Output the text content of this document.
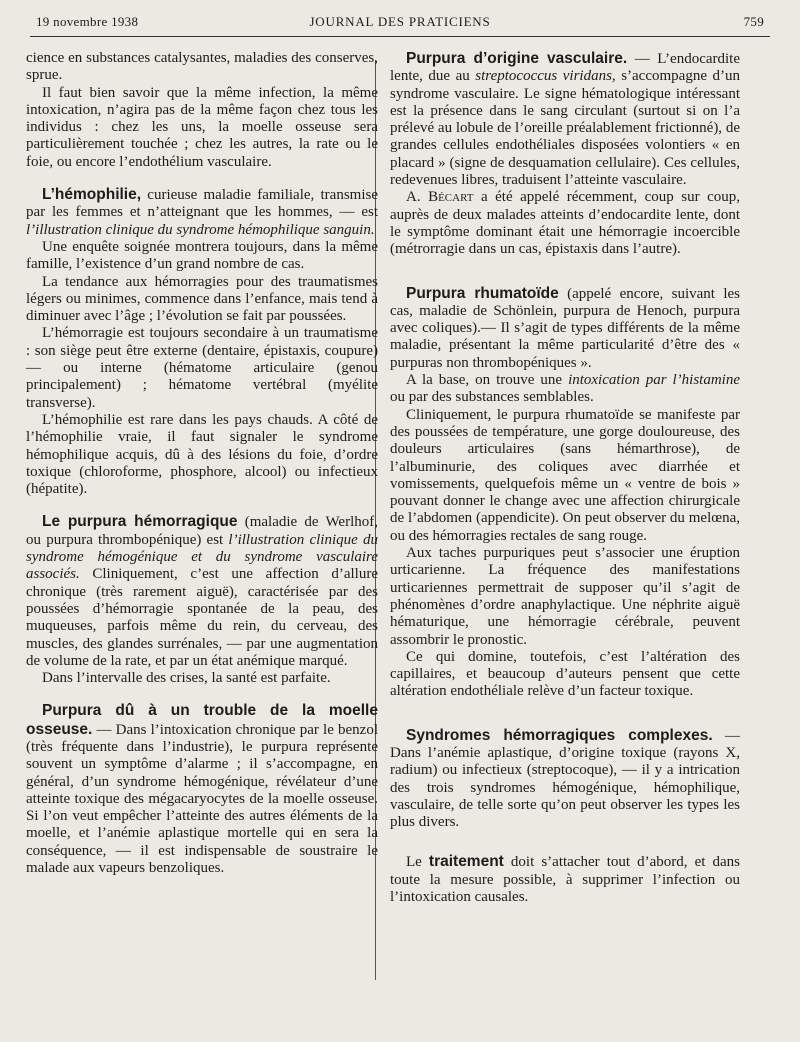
19 novembre 1938	JOURNAL DES PRATICIENS	759

cience en substances catalysantes, maladies des conserves, sprue.

Il faut bien savoir que la même infection, la même intoxication, n’agira pas de la même façon chez tous les individus : chez les uns, la moelle osseuse sera particulièrement touchée ; chez les autres, la rate ou le foie, ou encore l’endothélium vasculaire.

L’hémophilie, curieuse maladie familiale, transmise par les femmes et n’atteignant que les hommes, — est l’illustration clinique du syndrome hémophilique sanguin.

Une enquête soignée montrera toujours, dans la même famille, l’existence d’un grand nombre de cas.

La tendance aux hémorragies pour des traumatismes légers ou minimes, commence dans l’enfance, mais tend à diminuer avec l’âge ; l’évolution se fait par poussées.

L’hémorragie est toujours secondaire à un traumatisme : son siège peut être externe (dentaire, épistaxis, coupure) — ou interne (hématome articulaire (genou principalement) ; hématome vertébral (myélite transverse).

L’hémophilie est rare dans les pays chauds. A côté de l’hémophilie vraie, il faut signaler le syndrome hémophilique acquis, dû à des lésions du foie, d’ordre toxique (chloroforme, phosphore, alcool) ou infectieux (hépatite).

Le purpura hémorragique (maladie de Werlhof, ou purpura thrombopénique) est l’illustration clinique du syndrome hémogénique et du syndrome vasculaire associés. Cliniquement, c’est une affection d’allure chronique (très rarement aiguë), caractérisée par des poussées d’hémorragie spontanée de la peau, des muqueuses, parfois même du rein, du cerveau, des muscles, des glandes surrénales, — par une augmentation de volume de la rate, et par un état anémique marqué.

Dans l’intervalle des crises, la santé est parfaite.

Purpura dû à un trouble de la moelle osseuse. — Dans l’intoxication chronique par le benzol (très fréquente dans l’industrie), le purpura représente souvent un symptôme d’alarme ; il s’accompagne, en général, d’un syndrome hémogénique, révélateur d’une atteinte toxique des mégacaryocytes de la moelle osseuse. Si l’on veut empêcher l’atteinte des autres éléments de la moelle, et l’anémie aplastique mortelle qui en sera la conséquence, — il est indispensable de soustraire le malade aux vapeurs benzoliques.

Purpura d’origine vasculaire. — L’endocardite lente, due au streptococcus viridans, s’accompagne d’un syndrome vasculaire. Le signe hématologique intéressant est la présence dans le sang circulant (surtout si on l’a prélevé au lobule de l’oreille préalablement frictionné), de grandes cellules endothéliales disposées volontiers « en placard » (signe de desquamation cellulaire). Ces cellules, redevenues libres, traduisent l’atteinte vasculaire.

A. Bécart a été appelé récemment, coup sur coup, auprès de deux malades atteints d’endocardite lente, dont le symptôme dominant était une hémorragie incoercible (métrorragie dans un cas, épistaxis dans l’autre).

Purpura rhumatoïde (appelé encore, suivant les cas, maladie de Schönlein, purpura de Henoch, purpura avec coliques).— Il s’agit de types différents de la même maladie, présentant la même particularité d’être des « purpuras non thrombopéniques ».

A la base, on trouve une intoxication par l’histamine ou par des substances semblables.

Cliniquement, le purpura rhumatoïde se manifeste par des poussées de température, une gorge douloureuse, des douleurs articulaires (sans hémarthrose), de l’albuminurie, des coliques avec diarrhée et vomissements, quelquefois même un « ventre de bois » pouvant donner le change avec une affection chirurgicale de l’abdomen (appendicite). On peut observer du melœna, ou des hémorragies rectales de sang rouge.

Aux taches purpuriques peut s’associer une éruption urticarienne. La fréquence des manifestations urticariennes permettrait de supposer qu’il s’agit de phénomènes d’ordre anaphylactique. Une néphrite aiguë hématurique, une hémorragie cérébrale, peuvent assombrir le pronostic.

Ce qui domine, toutefois, c’est l’altération des capillaires, et beaucoup d’auteurs pensent que cette altération endothéliale relève d’un facteur toxique.

Syndromes hémorragiques complexes. — Dans l’anémie aplastique, d’origine toxique (rayons X, radium) ou infectieux (streptocoque), — il y a intrication des trois syndromes hémogénique, hémophilique, vasculaire, de telle sorte qu’on peut observer les types les plus divers.

Le traitement doit s’attacher tout d’abord, et dans toute la mesure possible, à supprimer l’infection ou l’intoxication causales.
